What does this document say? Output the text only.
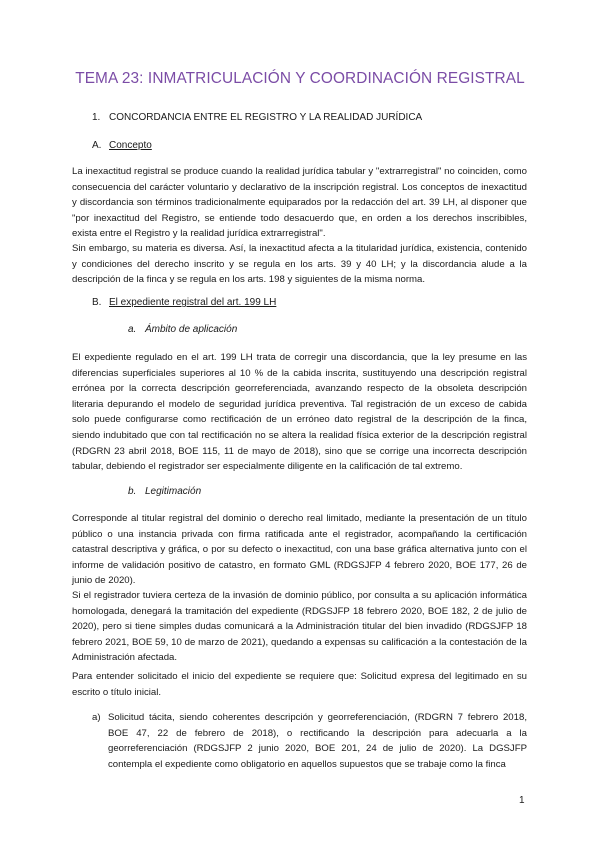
TEMA 23: INMATRICULACIÓN Y COORDINACIÓN REGISTRAL
1. CONCORDANCIA ENTRE EL REGISTRO Y LA REALIDAD JURÍDICA
A. Concepto

La inexactitud registral se produce cuando la realidad jurídica tabular y "extrarregistral" no coinciden, como consecuencia del carácter voluntario y declarativo de la inscripción registral. Los conceptos de inexactitud y discordancia son términos tradicionalmente equiparados por la redacción del art. 39 LH, al disponer que "por inexactitud del Registro, se entiende todo desacuerdo que, en orden a los derechos inscribibles, exista entre el Registro y la realidad jurídica extrarregistral".

Sin embargo, su materia es diversa. Así, la inexactitud afecta a la titularidad jurídica, existencia, contenido y condiciones del derecho inscrito y se regula en los arts. 39 y 40 LH; y la discordancia alude a la descripción de la finca y se regula en los arts. 198 y siguientes de la misma norma.

B. El expediente registral del art. 199 LH
a. Ámbito de aplicación

El expediente regulado en el art. 199 LH trata de corregir una discordancia, que la ley presume en las diferencias superficiales superiores al 10 % de la cabida inscrita, sustituyendo una descripción registral errónea por la correcta descripción georreferenciada, avanzando respecto de la obsoleta descripción literaria depurando el modelo de seguridad jurídica preventiva. Tal registración de un exceso de cabida solo puede configurarse como rectificación de un erróneo dato registral de la descripción de la finca, siendo indubitado que con tal rectificación no se altera la realidad física exterior de la descripción registral (RDGRN 23 abril 2018, BOE 115, 11 de mayo de 2018), sino que se corrige una incorrecta descripción tabular, debiendo el registrador ser especialmente diligente en la calificación de tal extremo.

b. Legitimación

Corresponde al titular registral del dominio o derecho real limitado, mediante la presentación de un título público o una instancia privada con firma ratificada ante el registrador, acompañando la certificación catastral descriptiva y gráfica, o por su defecto o inexactitud, con una base gráfica alternativa junto con el informe de validación positivo de catastro, en formato GML (RDGSJFP 4 febrero 2020, BOE 177, 26 de junio de 2020).

Si el registrador tuviera certeza de la invasión de dominio público, por consulta a su aplicación informática homologada, denegará la tramitación del expediente (RDGSJFP 18 febrero 2020, BOE 182, 2 de julio de 2020), pero si tiene simples dudas comunicará a la Administración titular del bien invadido (RDGSJFP 18 febrero 2021, BOE 59, 10 de marzo de 2021), quedando a expensas su calificación a la contestación de la Administración afectada.

Para entender solicitado el inicio del expediente se requiere que: Solicitud expresa del legitimado en su escrito o título inicial.

a) Solicitud tácita, siendo coherentes descripción y georreferenciación, (RDGRN 7 febrero 2018, BOE 47, 22 de febrero de 2018), o rectificando la descripción para adecuarla a la georreferenciación (RDGSJFP 2 junio 2020, BOE 201, 24 de julio de 2020). La DGSJFP contempla el expediente como obligatorio en aquellos supuestos que se trabaje como la finca

1
